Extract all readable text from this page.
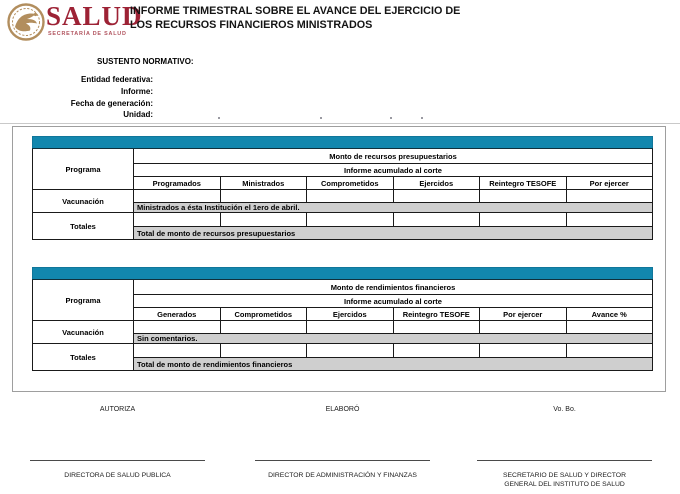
SALUD
SECRETARÍA DE SALUD
INFORME TRIMESTRAL SOBRE EL AVANCE DEL EJERCICIO DE
LOS RECURSOS FINANCIEROS MINISTRADOS
SUSTENTO NORMATIVO:
Entidad federativa:
Informe:
Fecha de generación:
Unidad:

Programa	Monto de recursos presupuestarios					
	Informe acumulado al corte					
	Programados	Ministrados	Comprometidos	Ejercidos	Reintegro TESOFE	Por ejercer
Vacunación						
	Ministrados a ésta Institución el 1ero de abril.					
Totales						
	Total de monto de recursos presupuestarios					

Programa	Monto de rendimientos financieros					
	Informe acumulado al corte					
	Generados	Comprometidos	Ejercidos	Reintegro TESOFE	Por ejercer	Avance %
Vacunación						
	Sin comentarios.					
Totales						
	Total de monto de rendimientos financieros					
AUTORIZA
DIRECTORA DE SALUD PUBLICA
ELABORÓ
DIRECTOR DE ADMINISTRACIÓN Y FINANZAS
Vo. Bo.
SECRETARIO DE SALUD Y DIRECTOR GENERAL DEL INSTITUTO DE SALUD
